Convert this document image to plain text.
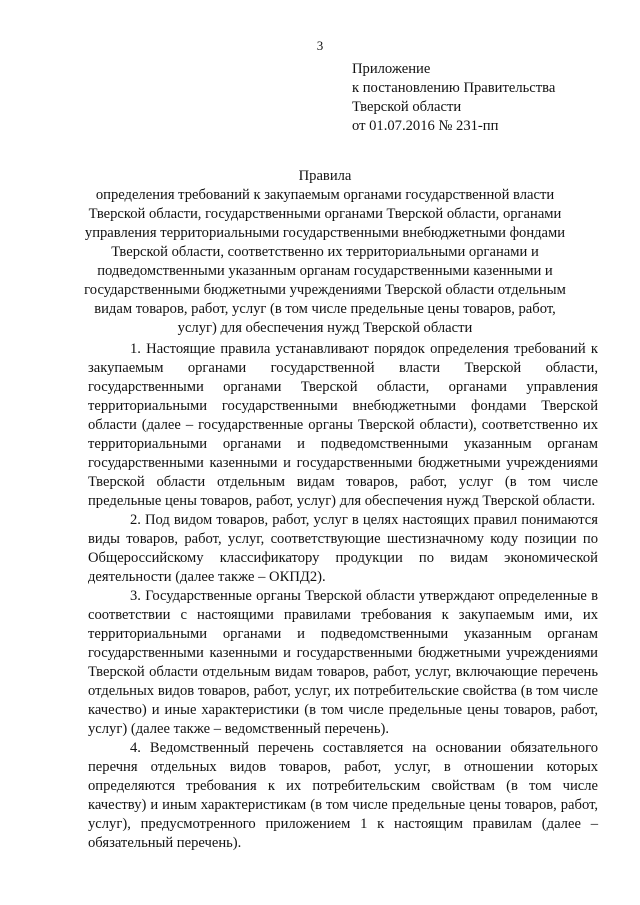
3
Приложение
к постановлению Правительства
Тверской области
от 01.07.2016 № 231-пп
Правила
определения требований к закупаемым органами государственной власти
Тверской области, государственными органами Тверской области, органами
управления территориальными государственными внебюджетными фондами
Тверской области, соответственно их территориальными органами и
подведомственными указанным органам государственными казенными и
государственными бюджетными учреждениями Тверской области отдельным
видам товаров, работ, услуг (в том числе предельные цены товаров, работ,
услуг) для обеспечения нужд Тверской области

1. Настоящие правила устанавливают порядок определения требований к закупаемым органами государственной власти Тверской области, государственными органами Тверской области, органами управления территориальными государственными внебюджетными фондами Тверской области (далее – государственные органы Тверской области), соответственно их территориальными органами и подведомственными указанным органам государственными казенными и государственными бюджетными учреждениями Тверской области отдельным видам товаров, работ, услуг (в том числе предельные цены товаров, работ, услуг) для обеспечения нужд Тверской области.

2. Под видом товаров, работ, услуг в целях настоящих правил понимаются виды товаров, работ, услуг, соответствующие шестизначному коду позиции по Общероссийскому классификатору продукции по видам экономической деятельности (далее также – ОКПД2).

3. Государственные органы Тверской области утверждают определенные в соответствии с настоящими правилами требования к закупаемым ими, их территориальными органами и подведомственными указанным органам государственными казенными и государственными бюджетными учреждениями Тверской области отдельным видам товаров, работ, услуг, включающие перечень отдельных видов товаров, работ, услуг, их потребительские свойства (в том числе качество) и иные характеристики (в том числе предельные цены товаров, работ, услуг) (далее также – ведомственный перечень).

4. Ведомственный перечень составляется на основании обязательного перечня отдельных видов товаров, работ, услуг, в отношении которых определяются требования к их потребительским свойствам (в том числе качеству) и иным характеристикам (в том числе предельные цены товаров, работ, услуг), предусмотренного приложением 1 к настоящим правилам (далее – обязательный перечень).
